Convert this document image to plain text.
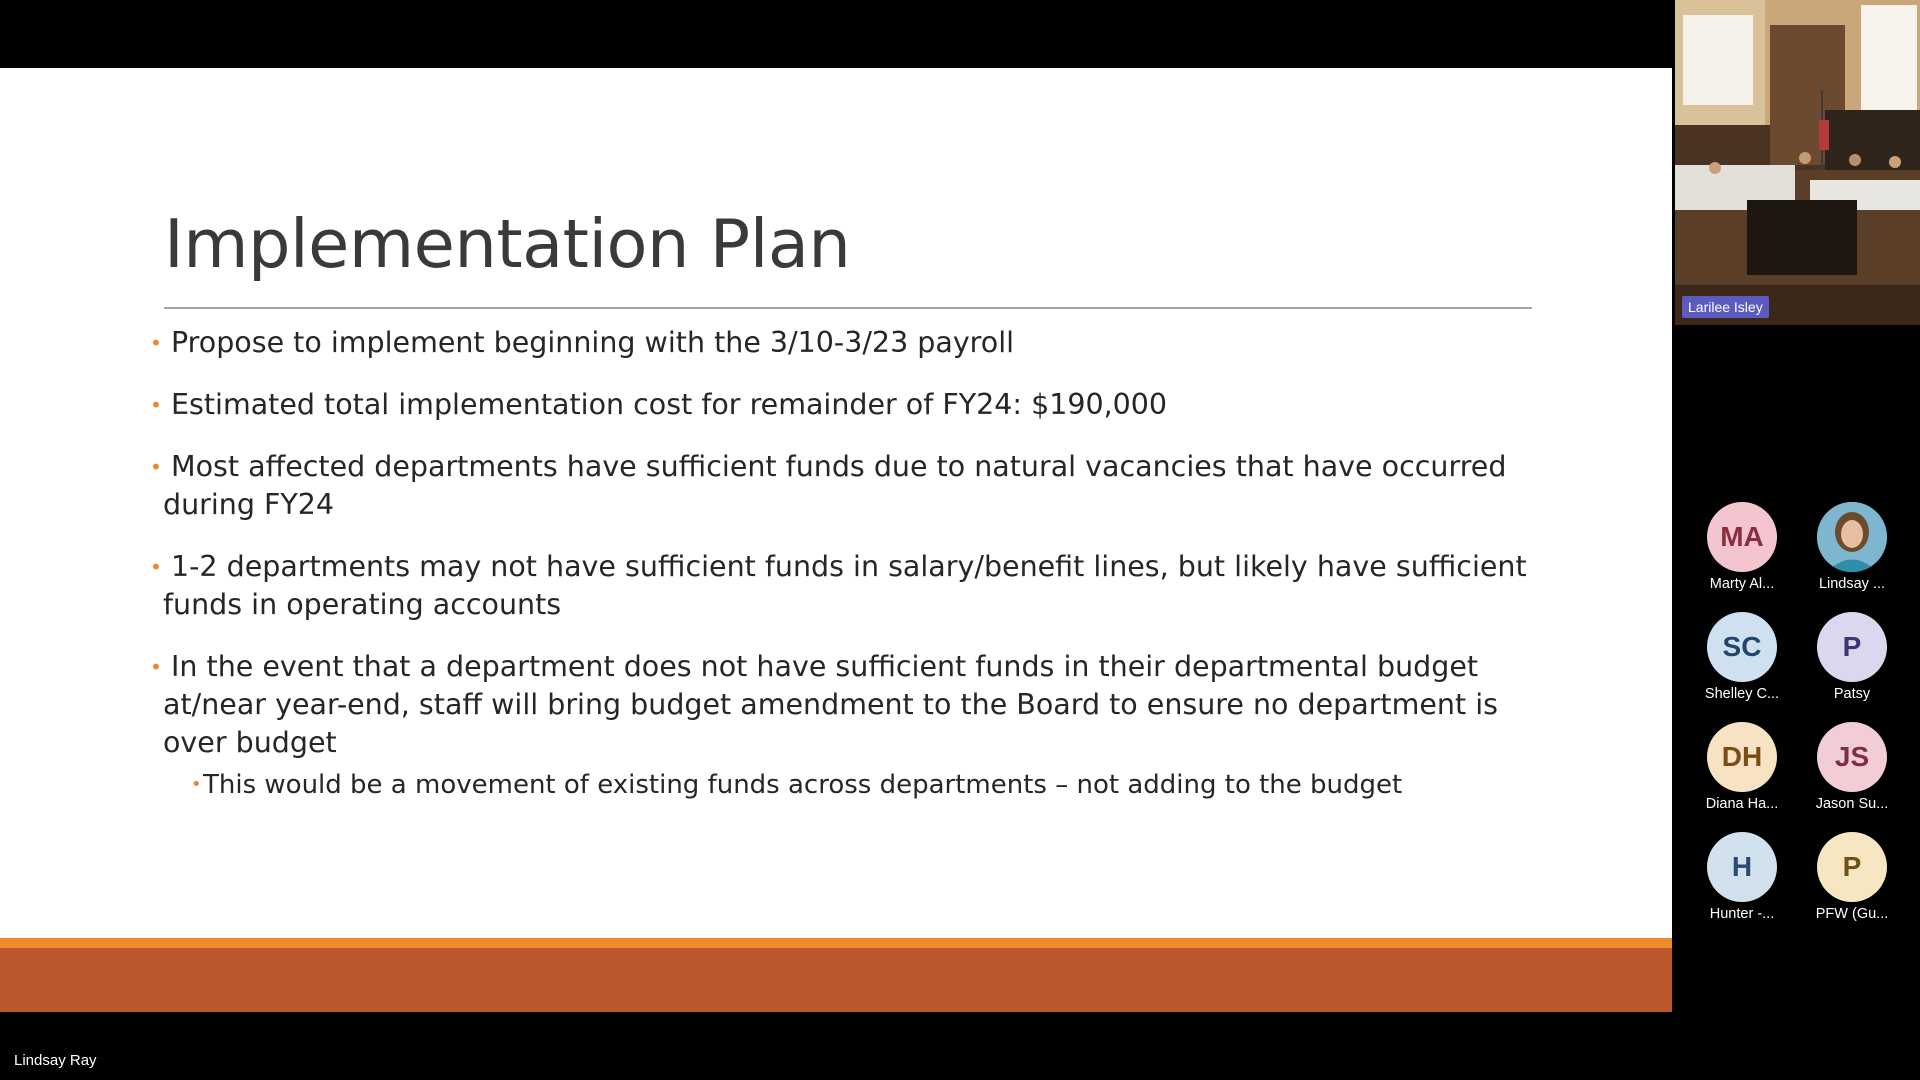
Implementation Plan
• Propose to implement beginning with the 3/10-3/23 payroll
• Estimated total implementation cost for remainder of FY24: $190,000
• Most affected departments have sufficient funds due to natural vacancies that have occurred during FY24
• 1-2 departments may not have sufficient funds in salary/benefit lines, but likely have sufficient funds in operating accounts
• In the event that a department does not have sufficient funds in their departmental budget at/near year-end, staff will bring budget amendment to the Board to ensure no department is over budget
• This would be a movement of existing funds across departments – not adding to the budget
Lindsay Ray
Larilee Isley
MA
Marty Al...	Lindsay ...
SC
Shelley C...
P
Patsy
DH
Diana Ha...
JS
Jason Su...
H
Hunter -...
P
PFW (Gu...
